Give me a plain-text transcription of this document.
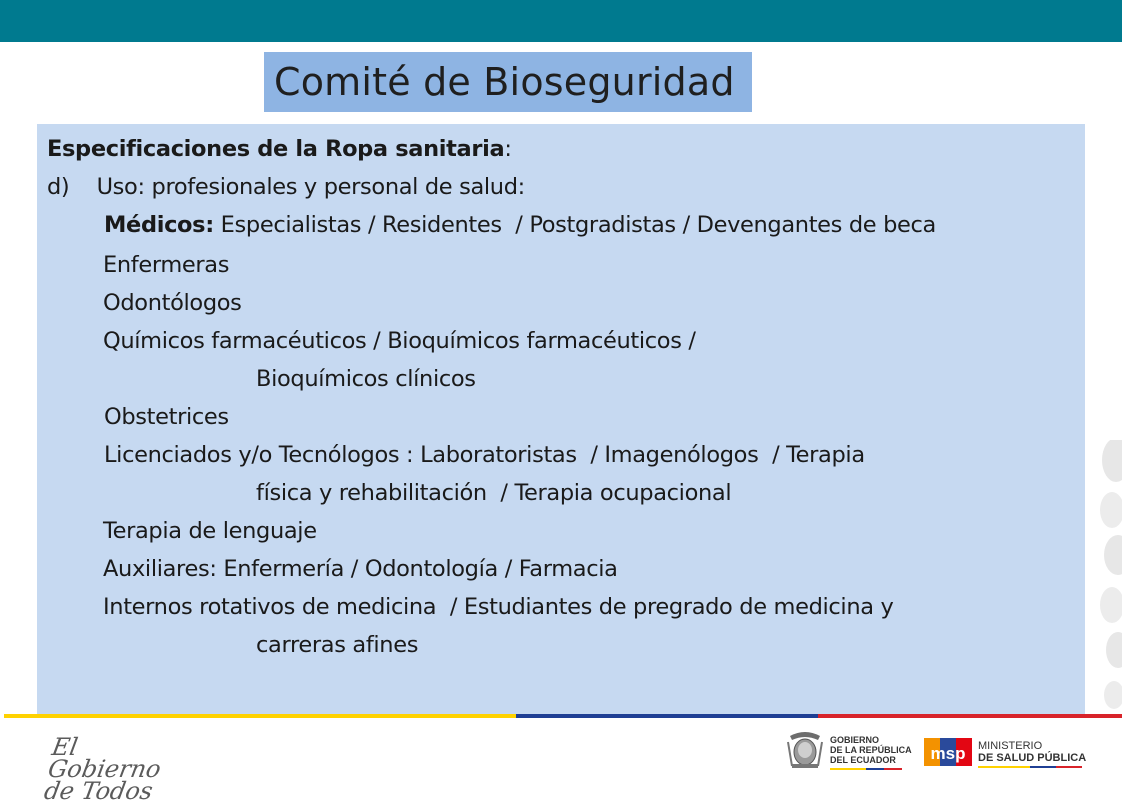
Comité de Bioseguridad
Especificaciones de la Ropa sanitaria:
d)    Uso: profesionales y personal de salud:
Médicos: Especialistas / Residentes  / Postgradistas / Devengantes de beca
Enfermeras
Odontólogos
Químicos farmacéuticos / Bioquímicos farmacéuticos /
Bioquímicos clínicos
Obstetrices
Licenciados y/o Tecnólogos : Laboratoristas  / Imagenólogos  / Terapia
física y rehabilitación  / Terapia ocupacional
Terapia de lenguaje
Auxiliares: Enfermería / Odontología / Farmacia
Internos rotativos de medicina  / Estudiantes de pregrado de medicina y
carreras afines
El Gobierno
de Todos
GOBIERNO
DE LA REPÚBLICA
DEL ECUADOR	msp MINISTERIO
DE SALUD PÚBLICA
